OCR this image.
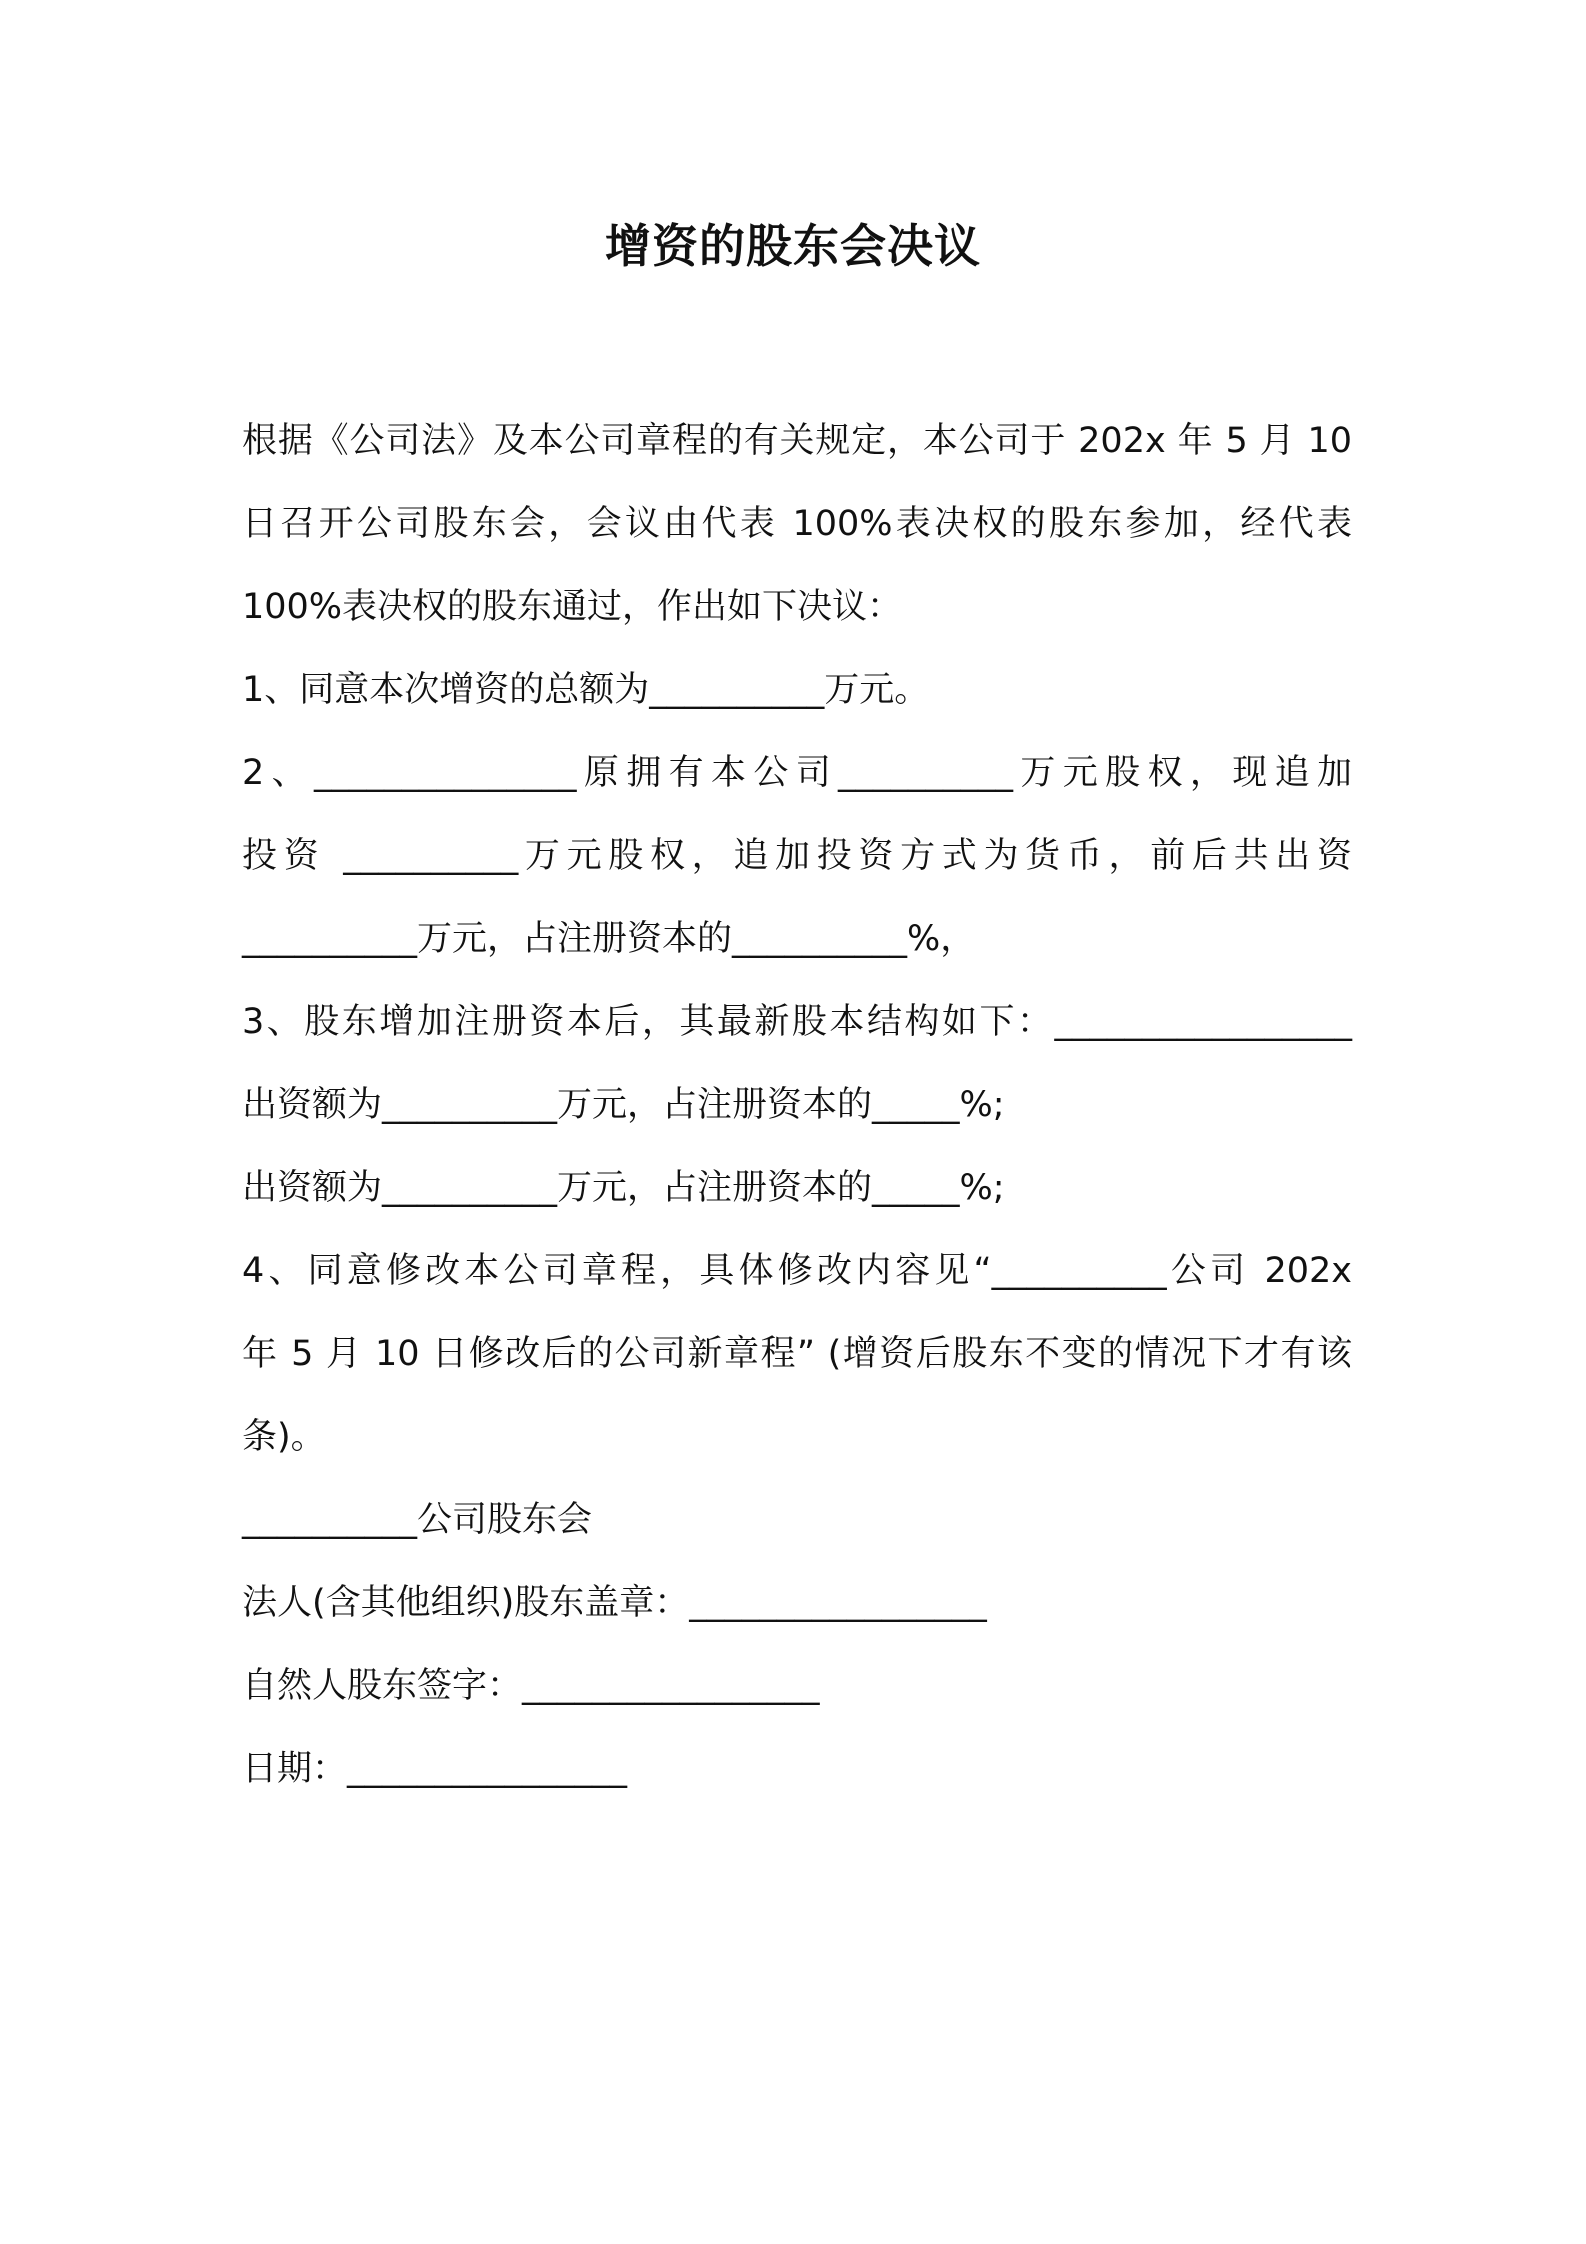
增资的股东会决议
根据《公司法》及本公司章程的有关规定，本公司于 202x 年 5 月 10
日召开公司股东会，会议由代表 100%表决权的股东参加，经代表
100%表决权的股东通过，作出如下决议：
1、同意本次增资的总额为__________万元。
2、_______________原拥有本公司__________万元股权，现追加
投资 __________万元股权，追加投资方式为货币，前后共出资
__________万元，占注册资本的__________%，
3、股东增加注册资本后，其最新股本结构如下：_________________
出资额为__________万元，占注册资本的_____%;
出资额为__________万元，占注册资本的_____%;
4、同意修改本公司章程，具体修改内容见“__________公司 202x
年 5 月 10 日修改后的公司新章程” (增资后股东不变的情况下才有该
条)。
__________公司股东会
法人(含其他组织)股东盖章：_________________
自然人股东签字：_________________
日期：________________
